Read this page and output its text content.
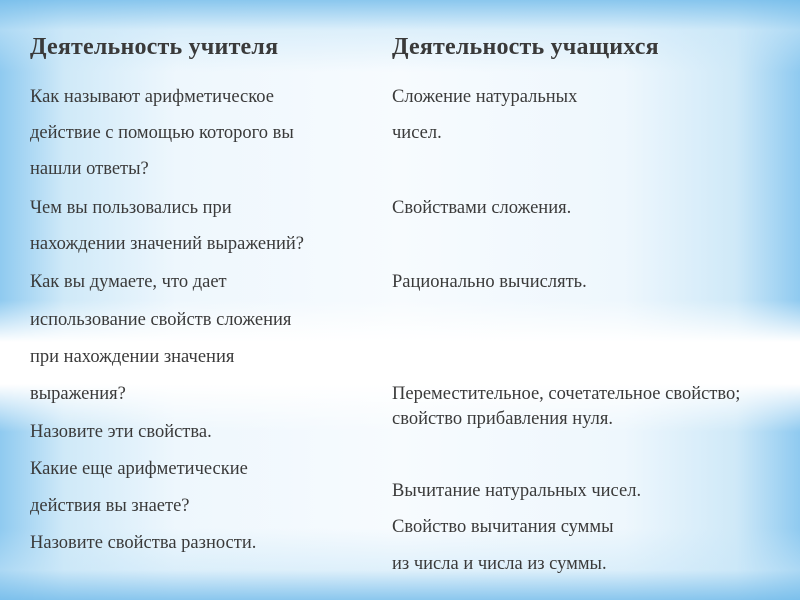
Деятельность учителя
Как называют арифметическое
действие с помощью которого вы
нашли ответы?
Чем вы пользовались при
нахождении значений выражений?
Как вы думаете, что дает
использование свойств сложения
при нахождении значения
выражения?
Назовите эти свойства.
Какие еще арифметические
действия вы знаете?
Назовите свойства разности.
Деятельность учащихся
Сложение натуральных
чисел.
Свойствами сложения.
Рационально вычислять.
Переместительное, сочетательное свойство; свойство прибавления нуля.
Вычитание натуральных чисел.
Свойство вычитания суммы
из числа и числа из суммы.
